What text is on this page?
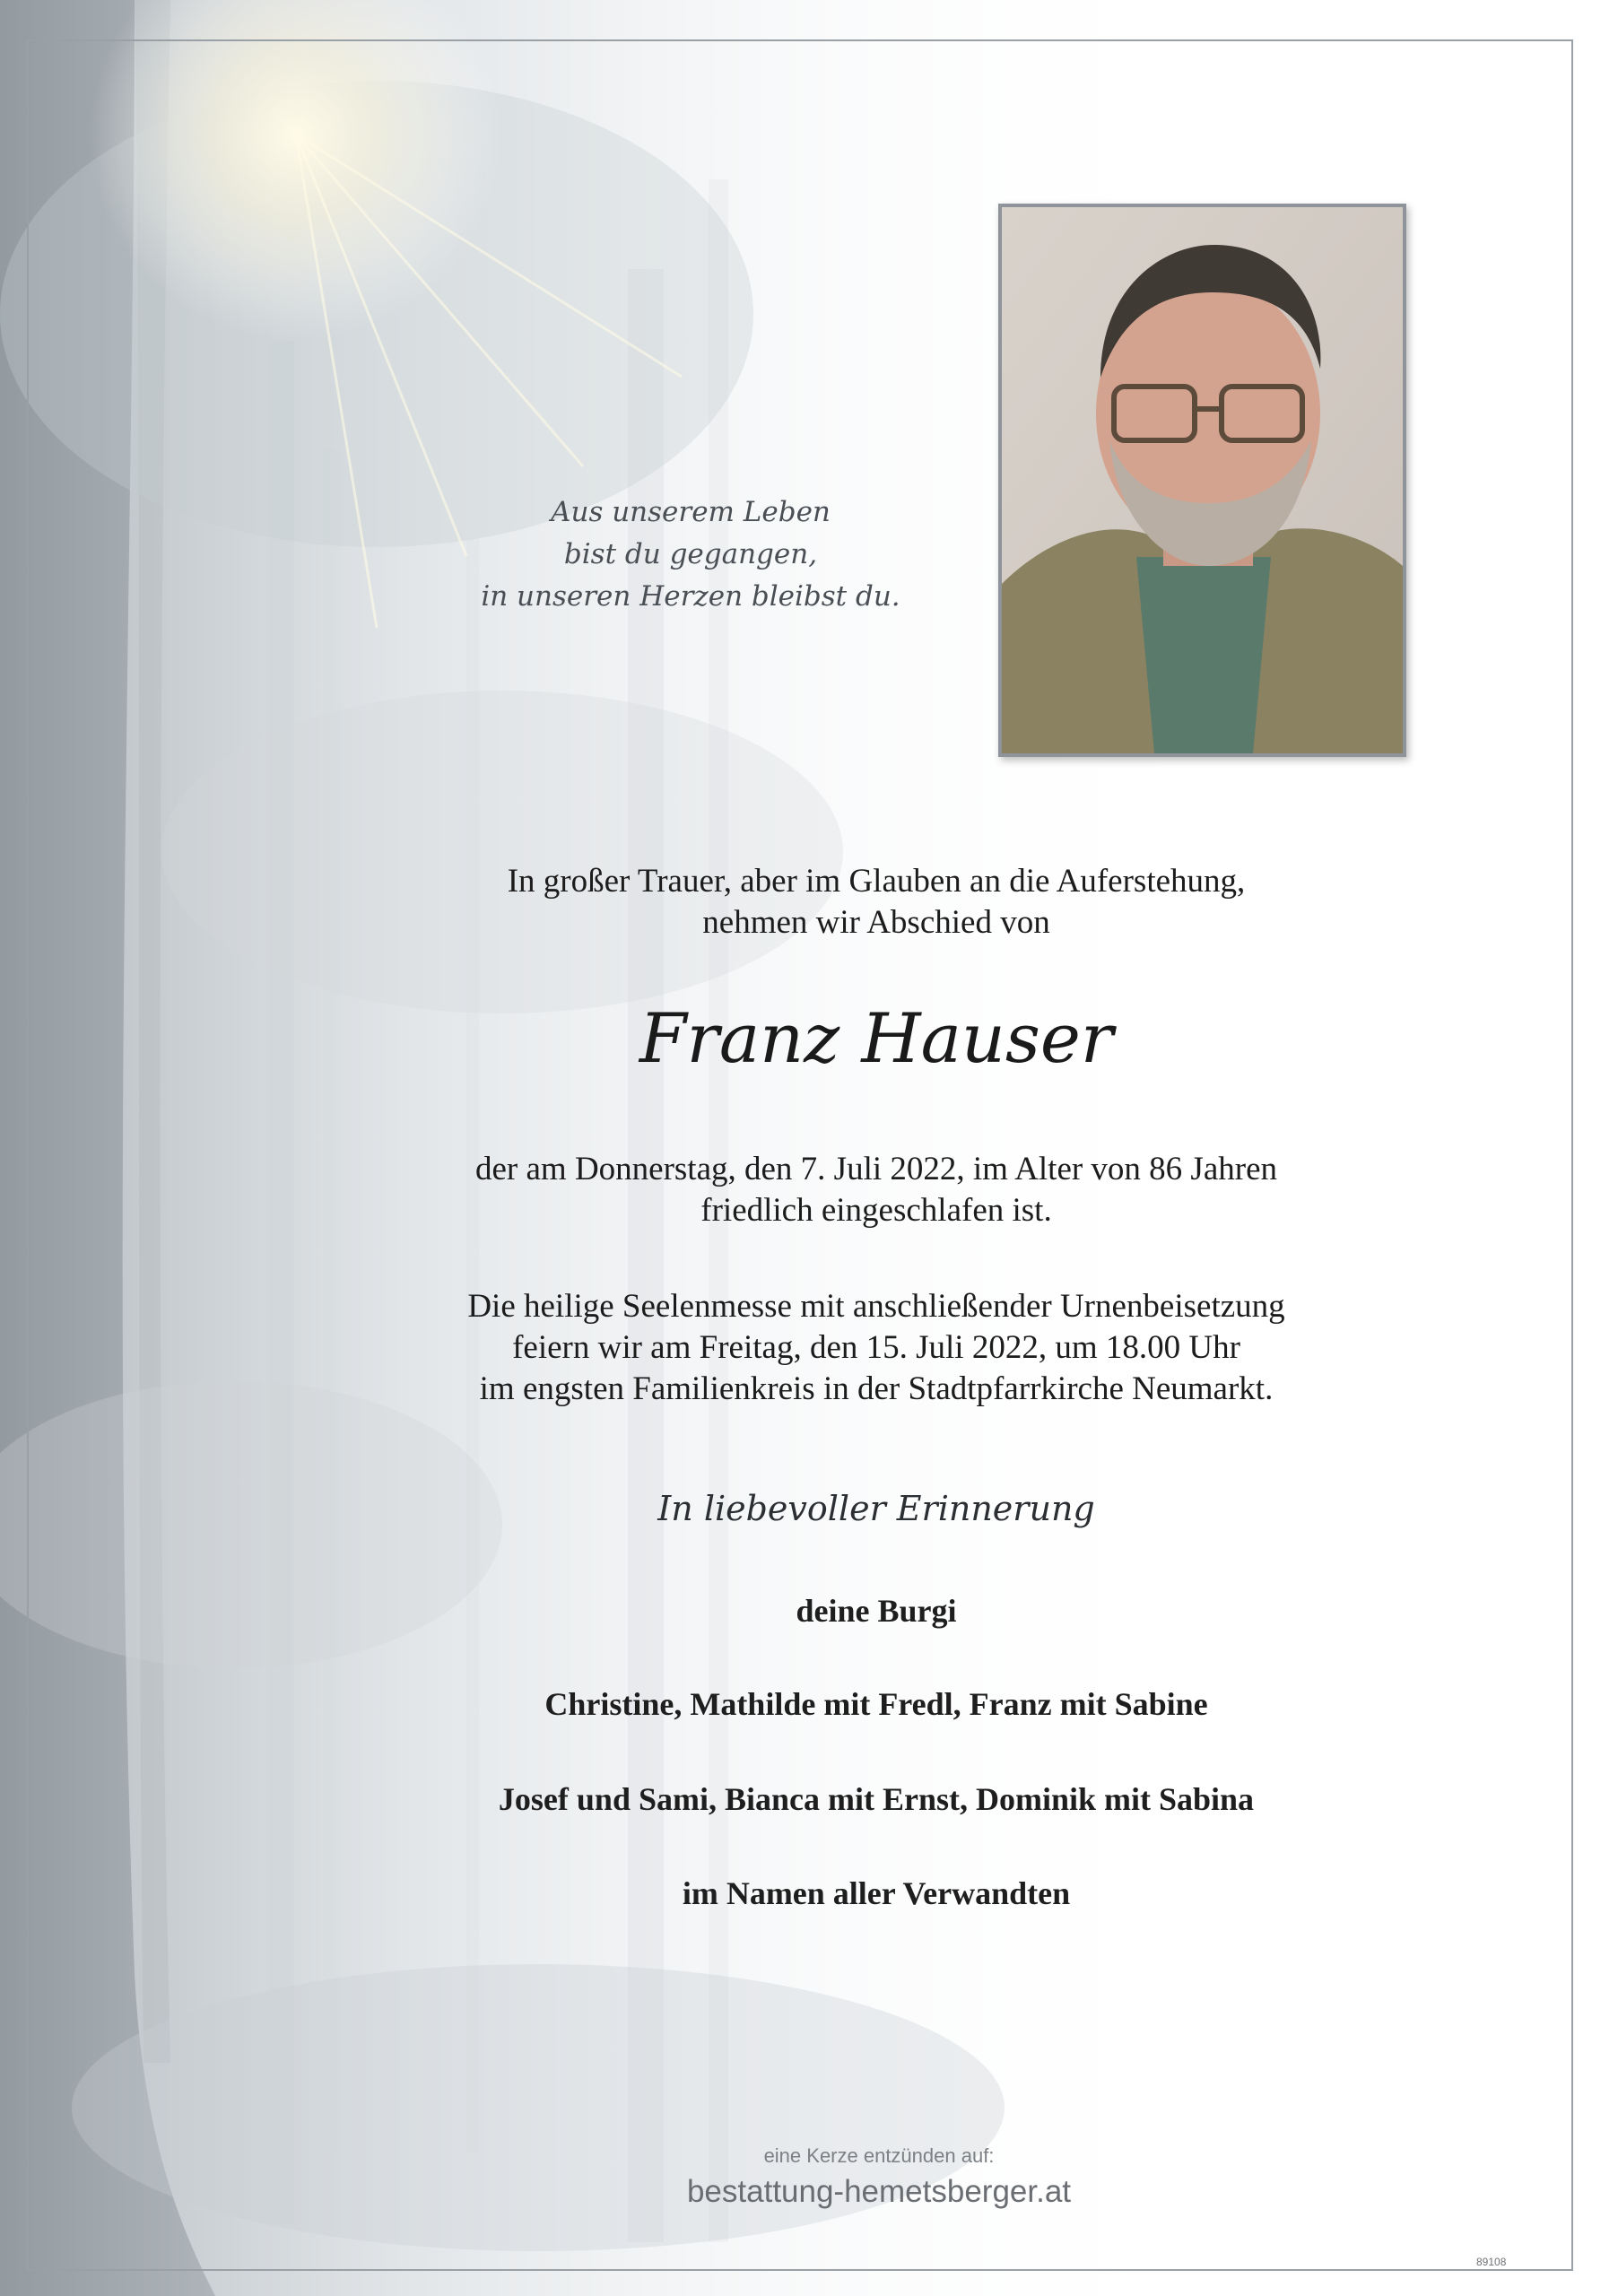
Aus unserem Leben
bist du gegangen,
in unseren Herzen bleibst du.
In großer Trauer, aber im Glauben an die Auferstehung,
nehmen wir Abschied von
Franz Hauser
der am Donnerstag, den 7. Juli 2022, im Alter von 86 Jahren
friedlich eingeschlafen ist.
Die heilige Seelenmesse mit anschließender Urnenbeisetzung
feiern wir am Freitag, den 15. Juli 2022, um 18.00 Uhr
im engsten Familienkreis in der Stadtpfarrkirche Neumarkt.
In liebevoller Erinnerung
deine Burgi
Christine, Mathilde mit Fredl, Franz mit Sabine
Josef und Sami, Bianca mit Ernst, Dominik mit Sabina
im Namen aller Verwandten
eine Kerze entzünden auf:
bestattung-hemetsberger.at
89108
